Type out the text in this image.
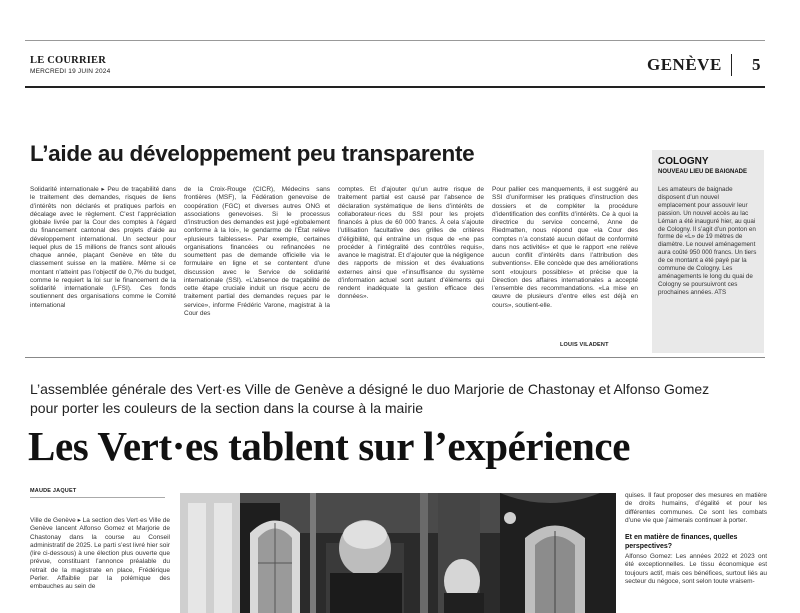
LE COURRIER
MERCREDI 19 JUIN 2024	GENÈVE 5
L’aide au développement peu transparente
Solidarité internationale ▸ Peu de traçabilité dans le traitement des demandes, risques de liens d’intérêts non déclarés et pratiques parfois en décalage avec le règlement. C’est l’appréciation globale livrée par la Cour des comptes à l’égard du financement cantonal des projets d’aide au développement international. Un secteur pour lequel plus de 15 millions de francs sont alloués chaque année, plaçant Genève en tête du classement suisse en la matière. Même si ce montant n’atteint pas l’objectif de 0,7% du budget, comme le requiert la loi sur le financement de la solidarité internationale (LFSI). Ces fonds soutiennent des organisations comme le Comité international
de la Croix-Rouge (CICR), Médecins sans frontières (MSF), la Fédération genevoise de coopération (FGC) et diverses autres ONG et associations genevoises. Si le processus d’instruction des demandes est jugé «globalement conforme à la loi», le gendarme de l’État relève «plusieurs faiblesses». Par exemple, certaines organisations financées ou refinancées ne soumettent pas de demande officielle via le formulaire en ligne et se contentent d’une discussion avec le Service de solidarité internationale (SSI). «L’absence de traçabilité de cette étape cruciale induit un risque accru de traitement partial des demandes reçues par le service», informe Frédéric Varone, magistrat à la Cour des
comptes. Et d’ajouter qu’un autre risque de traitement partial est causé par l’absence de déclaration systématique de liens d’intérêts de collaborateur·rices du SSI pour les projets financés à plus de 60 000 francs. À cela s’ajoute l’utilisation facultative des grilles de critères d’éligibilité, qui entraîne un risque de «ne pas procéder à l’intégralité des contrôles requis», avance le magistrat. Et d’ajouter que la négligence des rapports de mission et des évaluations externes ainsi que «l’insuffisance du système d’information actuel sont autant d’éléments qui rendent inadéquate la gestion efficace des données».
Pour pallier ces manquements, il est suggéré au SSI d’uniformiser les pratiques d’instruction des dossiers et de compléter la procédure d’identification des conflits d’intérêts. Ce à quoi la directrice du service concerné, Anne de Riedmatten, nous répond que «la Cour des comptes n’a constaté aucun défaut de conformité dans nos activités» et que le rapport «ne relève aucun conflit d’intérêts dans l’attribution des subventions». Elle concède que des améliorations sont «toujours possibles» et précise que la Direction des affaires internationales a accepté l’ensemble des recommandations. «La mise en œuvre de plusieurs d’entre elles est déjà en cours», soutient-elle.
LOUIS VILADENT
COLOGNY
NOUVEAU LIEU DE BAIGNADE
Les amateurs de baignade disposent d’un nouvel emplacement pour assouvir leur passion. Un nouvel accès au lac Léman a été inauguré hier, au quai de Cologny. Il s’agit d’un ponton en forme de «L» de 19 mètres de diamètre. Le nouvel aménagement aura coûté 950 000 francs. Un tiers de ce montant a été payé par la commune de Cologny. Les aménagements le long du quai de Cologny se poursuivront ces prochaines années. ATS
L’assemblée générale des Vert·es Ville de Genève a désigné le duo Marjorie de Chastonay et Alfonso Gomez pour porter les couleurs de la section dans la course à la mairie
Les Vert·es tablent sur l’expérience
MAUDE JAQUET
Ville de Genève ▸ La section des Vert·es Ville de Genève lancent Alfonso Gomez et Marjorie de Chastonay dans la course au Conseil administratif de 2025. Le parti s’est livré hier soir (lire ci-dessous) à une élection plus ouverte que prévue, constituant l’annonce préalable du retrait de la magistrate en place, Frédérique Perler. Affaiblie par la polémique des embauches au sein de
quises. Il faut proposer des mesures en matière de droits humains, d’égalité et pour les différentes communes. Ce sont les combats d’une vie que j’aimerais continuer à porter.
Et en matière de finances, quelles perspectives?
Alfonso Gomez: Les années 2022 et 2023 ont été exceptionnelles. Le tissu économique est toujours actif, mais ces bénéfices, surtout liés au secteur du négoce, sont selon toute vraisem-
